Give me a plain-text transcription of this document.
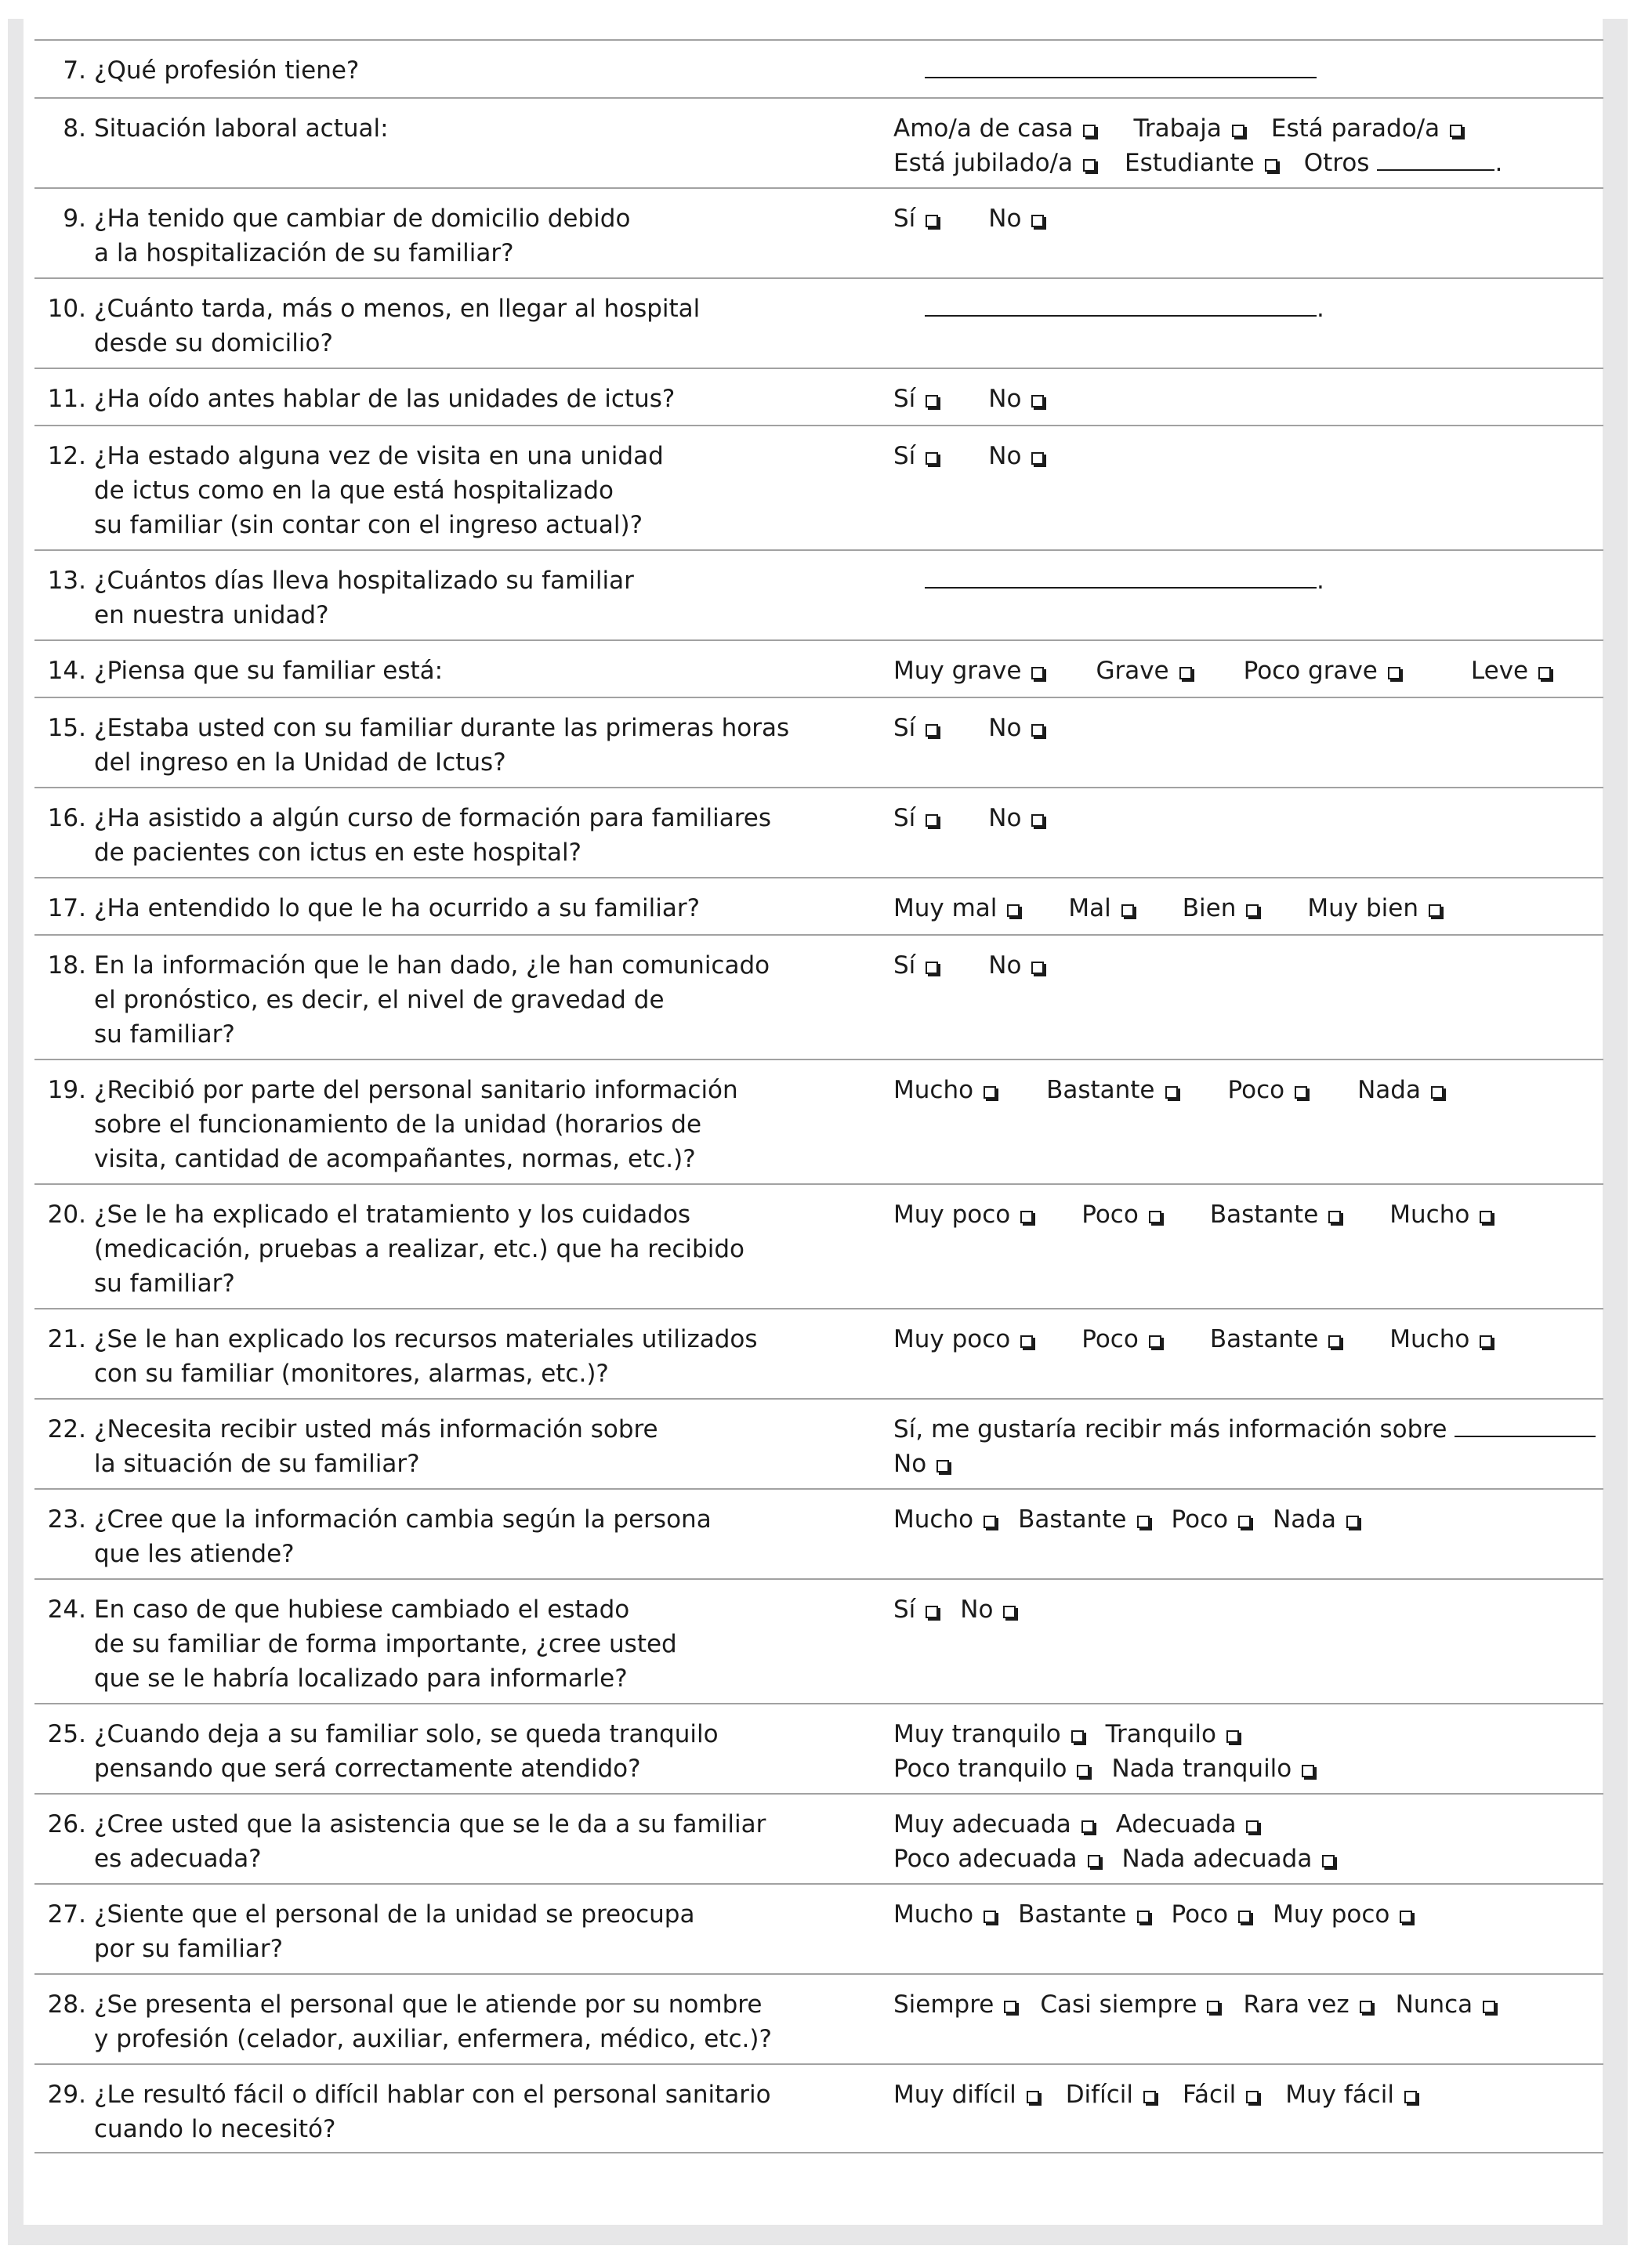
7. ¿Qué profesión tiene?
8. Situación laboral actual:	Amo/a de casa Trabaja Está parado/a
Está jubilado/a Estudiante Otros	.
9. ¿Ha tenido que cambiar de domicilio debido
a la hospitalización de su familiar?
Sí	No
10. ¿Cuánto tarda, más o menos, en llegar al hospital
desde su domicilio?
.
11. ¿Ha oído antes hablar de las unidades de ictus?	Sí	No
12. ¿Ha estado alguna vez de visita en una unidad
de ictus como en la que está hospitalizado
su familiar (sin contar con el ingreso actual)?
Sí	No
13. ¿Cuántos días lleva hospitalizado su familiar
en nuestra unidad?
.
14. ¿Piensa que su familiar está:	Muy grave	Grave	Poco grave	Leve
15. ¿Estaba usted con su familiar durante las primeras horas
del ingreso en la Unidad de Ictus?
Sí	No
16. ¿Ha asistido a algún curso de formación para familiares
de pacientes con ictus en este hospital?
Sí	No
17. ¿Ha entendido lo que le ha ocurrido a su familiar?	Muy mal	Mal	Bien	Muy bien
18. En la información que le han dado, ¿le han comunicado
el pronóstico, es decir, el nivel de gravedad de
su familiar?
Sí	No
19. ¿Recibió por parte del personal sanitario información
sobre el funcionamiento de la unidad (horarios de
visita, cantidad de acompañantes, normas, etc.)?
Mucho	Bastante	Poco	Nada
20. ¿Se le ha explicado el tratamiento y los cuidados
(medicación, pruebas a realizar, etc.) que ha recibido
su familiar?
Muy poco	Poco	Bastante	Mucho
21. ¿Se le han explicado los recursos materiales utilizados
con su familiar (monitores, alarmas, etc.)?
Muy poco	Poco	Bastante	Mucho
22. ¿Necesita recibir usted más información sobre
la situación de su familiar?
Sí, me gustaría recibir más información sobre
No
23. ¿Cree que la información cambia según la persona
que les atiende?
Mucho Bastante Poco Nada
24. En caso de que hubiese cambiado el estado
de su familiar de forma importante, ¿cree usted
que se le habría localizado para informarle?
Sí No
25. ¿Cuando deja a su familiar solo, se queda tranquilo
pensando que será correctamente atendido?
Muy tranquilo Tranquilo
Poco tranquilo Nada tranquilo
26. ¿Cree usted que la asistencia que se le da a su familiar
es adecuada?
Muy adecuada Adecuada
Poco adecuada Nada adecuada
27. ¿Siente que el personal de la unidad se preocupa
por su familiar?
Mucho Bastante Poco Muy poco
28. ¿Se presenta el personal que le atiende por su nombre
y profesión (celador, auxiliar, enfermera, médico, etc.)?
Siempre Casi siempre Rara vez Nunca
29. ¿Le resultó fácil o difícil hablar con el personal sanitario
cuando lo necesitó?
Muy difícil Difícil Fácil Muy fácil
